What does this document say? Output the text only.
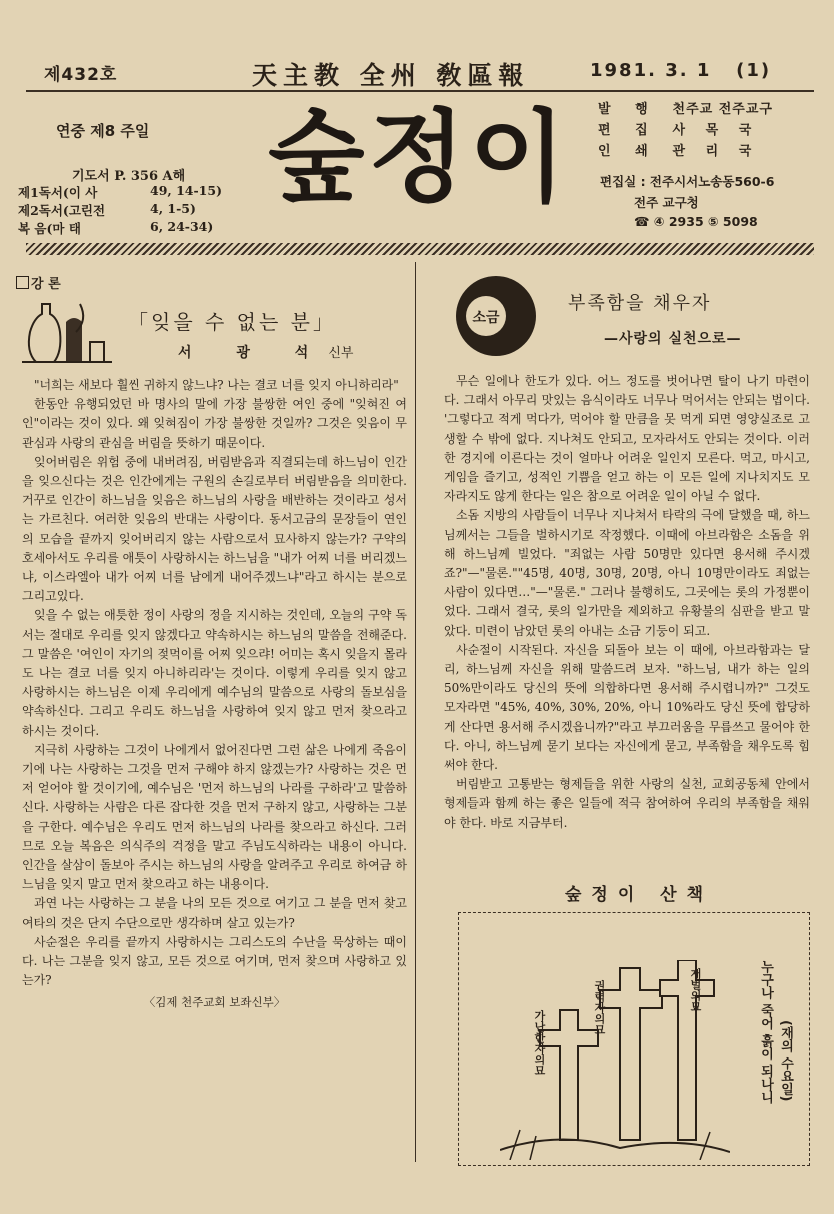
제432호	天主教 全州 敎區報	1981. 3. 1 (1)
연중 제8 주일
기도서 P. 356 A해
제1독서(이 사	49, 14-15)
제2독서(고린전	4, 1-5)
복 음(마 태	6, 24-34)
숲정이 발 행 천주교 전주교구
편 집 사 목 국
인 쇄 관 리 국
편집실 : 전주시서노송동560-6
전주 교구청
☎ ④ 2935 ⑤ 5098
강 론
「잊을 수 없는 분」
서 광 석신부

"너희는 새보다 훨씬 귀하지 않느냐? 나는 결코 너를 잊지 아니하리라"

한동안 유행되었던 바 명사의 말에 가장 불쌍한 여인 중에 "잊혀진 여인"이라는 것이 있다. 왜 잊혀짐이 가장 불쌍한 것일까? 그것은 잊음이 무관심과 사랑의 관심을 버림을 뜻하기 때문이다.

잊어버림은 위험 중에 내버려짐, 버림받음과 직결되는데 하느님이 인간을 잊으신다는 것은 인간에게는 구원의 손길로부터 버림받음을 의미한다. 거꾸로 인간이 하느님을 잊음은 하느님의 사랑을 배반하는 것이라고 성서는 가르친다. 여러한 잊음의 반대는 사랑이다. 동서고금의 문장들이 연인의 모습을 끝까지 잊어버리지 않는 사람으로서 묘사하지 않는가? 구약의 호세아서도 우리를 애틋이 사랑하시는 하느님을 "내가 어찌 너를 버리겠느냐, 이스라엘아 내가 어찌 너를 남에게 내어주겠느냐"라고 하시는 분으로 그리고있다.

잊을 수 없는 애틋한 정이 사랑의 정을 지시하는 것인데, 오늘의 구약 독서는 절대로 우리를 잊지 않겠다고 약속하시는 하느님의 말씀을 전해준다. 그 말씀은 '여인이 자기의 젖먹이를 어찌 잊으랴! 어미는 혹시 잊을지 몰라도 나는 결코 너를 잊지 아니하리라'는 것이다. 이렇게 우리를 잊지 않고 사랑하시는 하느님은 이제 우리에게 예수님의 말씀으로 사랑의 돌보심을 약속하신다. 그리고 우리도 하느님을 사랑하여 잊지 않고 먼저 찾으라고 하시는 것이다.

지극히 사랑하는 그것이 나에게서 없어진다면 그런 삶은 나에게 죽음이기에 나는 사랑하는 그것을 먼저 구해야 하지 않겠는가? 사랑하는 것은 먼저 얻어야 할 것이기에, 예수님은 '먼저 하느님의 나라를 구하라'고 말씀하신다. 사랑하는 사람은 다른 잡다한 것을 먼저 구하지 않고, 사랑하는 그분을 구한다. 예수님은 우리도 먼저 하느님의 나라를 찾으라고 하신다. 그러므로 오늘 복음은 의식주의 걱정을 말고 주님도식하라는 내용이 아니다. 인간을 살삼이 돌보아 주시는 하느님의 사랑을 알려주고 우리로 하여금 하느님을 잊지 말고 먼저 찾으라고 하는 내용이다.

과연 나는 사랑하는 그 분을 나의 모든 것으로 여기고 그 분을 먼저 찾고 여타의 것은 단지 수단으로만 생각하며 살고 있는가?

사순절은 우리를 끝까지 사랑하시는 그리스도의 수난을 묵상하는 때이다. 나는 그분을 잊지 않고, 모든 것으로 여기며, 먼저 찾으며 사랑하고 있는가?

〈김제 천주교회 보좌신부〉
소금
부족함을 채우자
—사랑의 실천으로—

무슨 일에나 한도가 있다. 어느 정도를 벗어나면 탈이 나기 마련이다. 그래서 아무리 맛있는 음식이라도 너무나 먹어서는 안되는 법이다. '그렇다고 적게 먹다가, 먹어야 할 만큼을 못 먹게 되면 영양실조로 고생할 수 밖에 없다. 지나쳐도 안되고, 모자라서도 안되는 것이다. 이러한 경지에 이른다는 것이 얼마나 어려운 일인지 모른다. 먹고, 마시고, 게임을 즐기고, 성적인 기쁨을 얻고 하는 이 모든 일에 지나치지도 모자라지도 않게 한다는 일은 참으로 어려운 일이 아닐 수 없다.

소돔 지방의 사람들이 너무나 지나쳐서 타락의 극에 달했을 때, 하느님께서는 그들을 벌하시기로 작정했다. 이때에 아브라함은 소돔을 위해 하느님께 빌었다. "죄없는 사람 50명만 있다면 용서해 주시겠죠?"—"물론.""45명, 40명, 30명, 20명, 아니 10명만이라도 죄없는 사람이 있다면…"—"물론." 그러나 불행히도, 그곳에는 롯의 가정뿐이었다. 그래서 결국, 롯의 일가만을 제외하고 유황불의 심판을 받고 말았다. 미련이 남았던 롯의 아내는 소금 기둥이 되고.

사순절이 시작된다. 자신을 되돌아 보는 이 때에, 아브라함과는 달리, 하느님께 자신을 위해 말씀드려 보자. "하느님, 내가 하는 일의 50%만이라도 당신의 뜻에 의합하다면 용서해 주시렵니까?" 그것도 모자라면 "45%, 40%, 30%, 20%, 아니 10%라도 당신 뜻에 합당하게 산다면 용서해 주시겠읍니까?"라고 부끄러움을 무릅쓰고 물어야 한다. 아니, 하느님께 묻기 보다는 자신에게 묻고, 부족함을 채우도록 힘써야 한다.

버림받고 고통받는 형제들을 위한 사랑의 실천, 교회공동체 안에서 형제들과 함께 하는 좋은 일들에 적극 참여하여 우리의 부족함을 채워야 한다. 바로 지금부터.

숲정이 산책
가난한자의묘
권력자의묘	재벌의묘
(재의 수요일)
누구나 죽어 흙이 되나니
